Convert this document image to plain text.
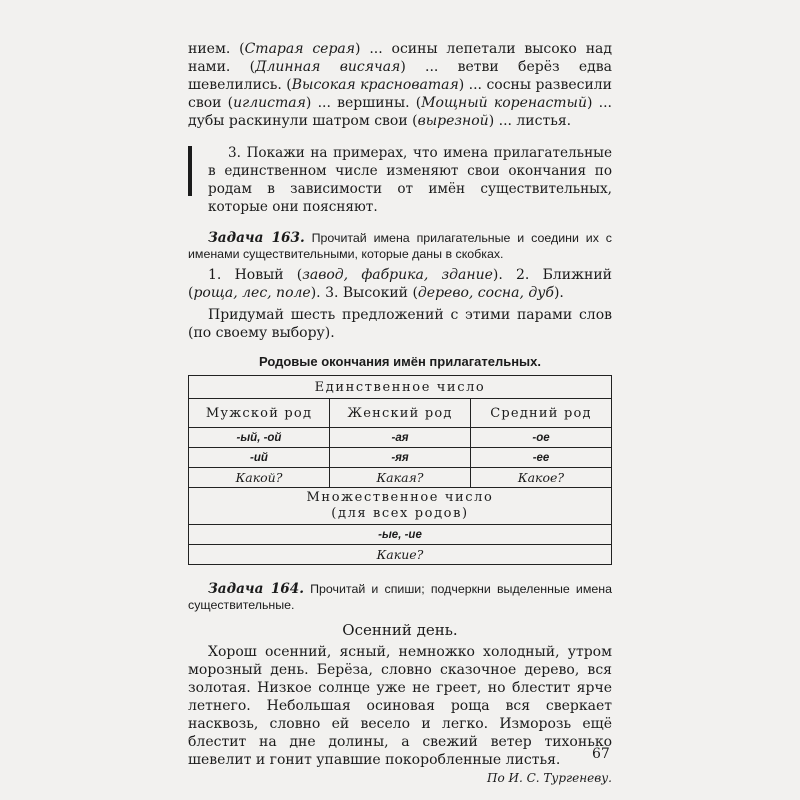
нием. (Старая серая) ... осины лепетали высоко над нами. (Длинная висячая) ... ветви берёз едва шевелились. (Высокая красноватая) ... сосны развесили свои (иглистая) ... вершины. (Мощный коренастый) ... дубы раскинули шатром свои (вырезной) ... листья.

3. Покажи на примерах, что имена прилагательные в единственном числе изменяют свои окончания по родам в зависимости от имён существительных, которые они поясняют.

Задача 163. Прочитай имена прилагательные и соедини их с именами существительными, которые даны в скобках.

1. Новый (завод, фабрика, здание). 2. Ближний (роща, лес, поле). 3. Высокий (дерево, сосна, дуб).

Придумай шесть предложений с этими парами слов (по своему выбору).

Родовые окончания имён прилагательных.
Единственное число		
Мужской род	Женский род	Средний род
-ый, -ой	-ая	-ое
-ий	-яя	-ее
Какой?	Какая?	Какое?
Множественное число
(для всех родов)		
-ые, -ие		
Какие?		

Задача 164. Прочитай и спиши; подчеркни выделенные имена существительные.

Осенний день.

Хорош осенний, ясный, немножко холодный, утром морозный день. Берёза, словно сказочное дерево, вся золотая. Низкое солнце уже не греет, но блестит ярче летнего. Небольшая осиновая роща вся сверкает насквозь, словно ей весело и легко. Изморозь ещё блестит на дне долины, а свежий ветер тихонько шевелит и гонит упавшие покоробленные листья.

По И. С. Тургеневу.
67
